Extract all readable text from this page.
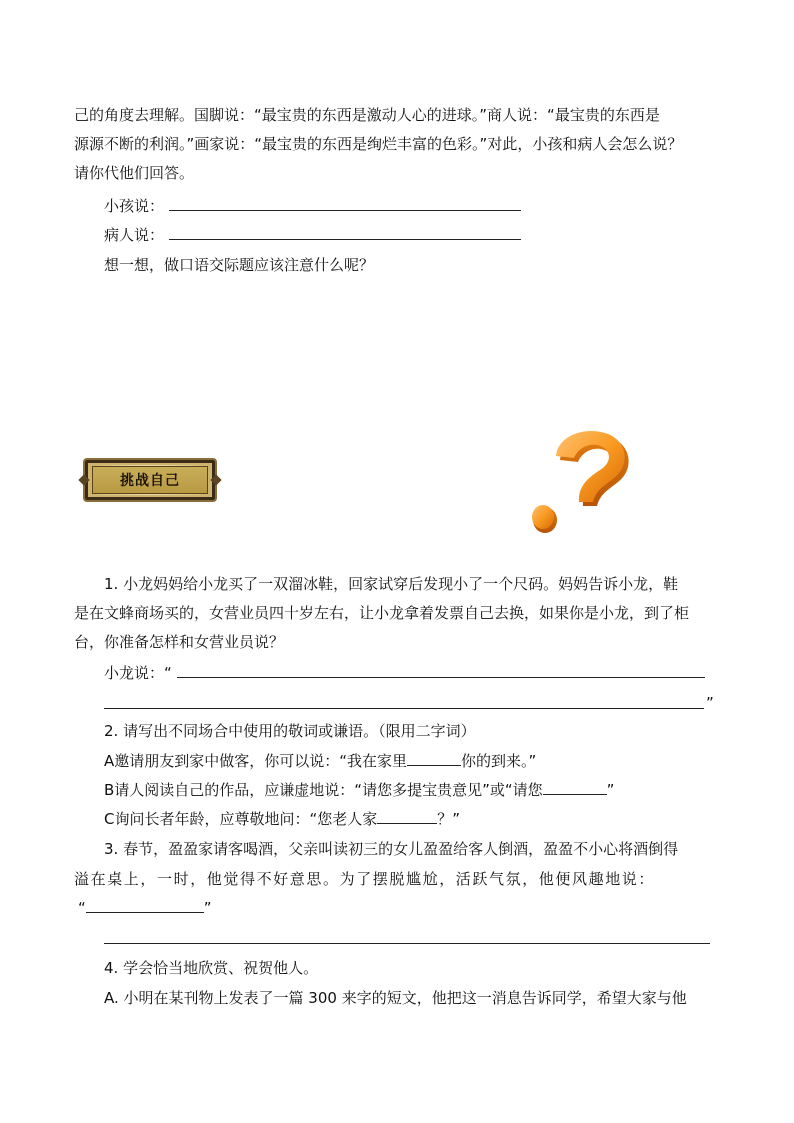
己的角度去理解。国脚说：“最宝贵的东西是激动人心的进球。”商人说：“最宝贵的东西是
源源不断的利润。”画家说：“最宝贵的东西是绚烂丰富的色彩。”对此，小孩和病人会怎么说？
请你代他们回答。
小孩说：
病人说：
想一想，做口语交际题应该注意什么呢？
挑战自己
1. 小龙妈妈给小龙买了一双溜冰鞋，回家试穿后发现小了一个尺码。妈妈告诉小龙，鞋
是在文蜂商场买的，女营业员四十岁左右，让小龙拿着发票自己去换，如果你是小龙，到了柜
台，你准备怎样和女营业员说？
小龙说：“
”
2. 请写出不同场合中使用的敬词或谦语。（限用二字词）
A邀请朋友到家中做客，你可以说：“我在家里	你的到来。”
B请人阅读自己的作品，应谦虚地说：“请您多提宝贵意见”或“请您	”
C询问长者年龄，应尊敬地问：“您老人家	？”
3. 春节，盈盈家请客喝酒，父亲叫读初三的女儿盈盈给客人倒酒，盈盈不小心将酒倒得
溢在桌上，一时，他觉得不好意思。为了摆脱尴尬，活跃气氛，他便风趣地说：
“	”
4. 学会恰当地欣赏、祝贺他人。
A. 小明在某刊物上发表了一篇 300 来字的短文，他把这一消息告诉同学，希望大家与他
